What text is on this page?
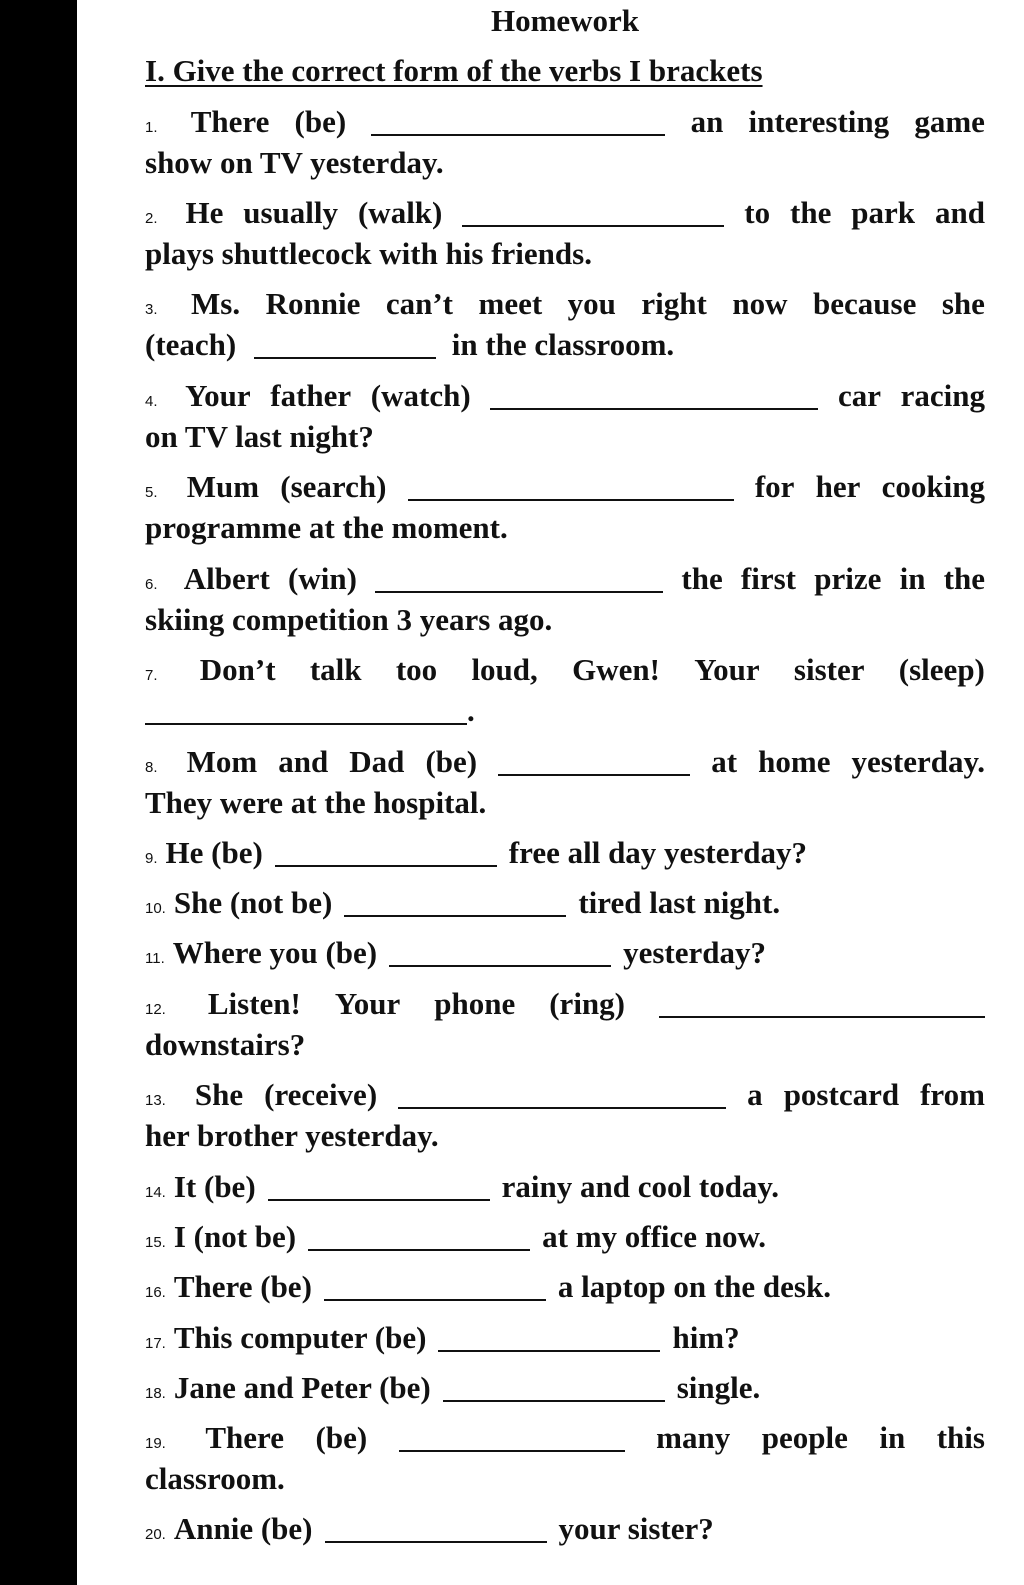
Homework
I. Give the correct form of the verbs I brackets
1. There (be)	an interesting game
show on TV yesterday.
2. He usually (walk)	to the park and
plays shuttlecock with his friends.
3. Ms. Ronnie can’t meet you right now because she
(teach)	in the classroom.
4. Your father (watch)	car racing
on TV last night?
5. Mum (search)	for her cooking
programme at the moment.
6. Albert (win)	the first prize in the
skiing competition 3 years ago.
7. Don’t talk too loud, Gwen! Your sister (sleep)
.
8. Mom and Dad (be)	at home yesterday.
They were at the hospital.
9. He (be)	free all day yesterday?
10. She (not be)	tired last night.
11. Where you (be)	yesterday?
12. Listen! Your phone (ring)
downstairs?
13. She (receive)	a postcard from
her brother yesterday.
14. It (be)	rainy and cool today.
15. I (not be)	at my office now.
16. There (be)	a laptop on the desk.
17. This computer (be)	him?
18. Jane and Peter (be)	single.
19. There (be)	many people in this
classroom.
20. Annie (be)	your sister?
